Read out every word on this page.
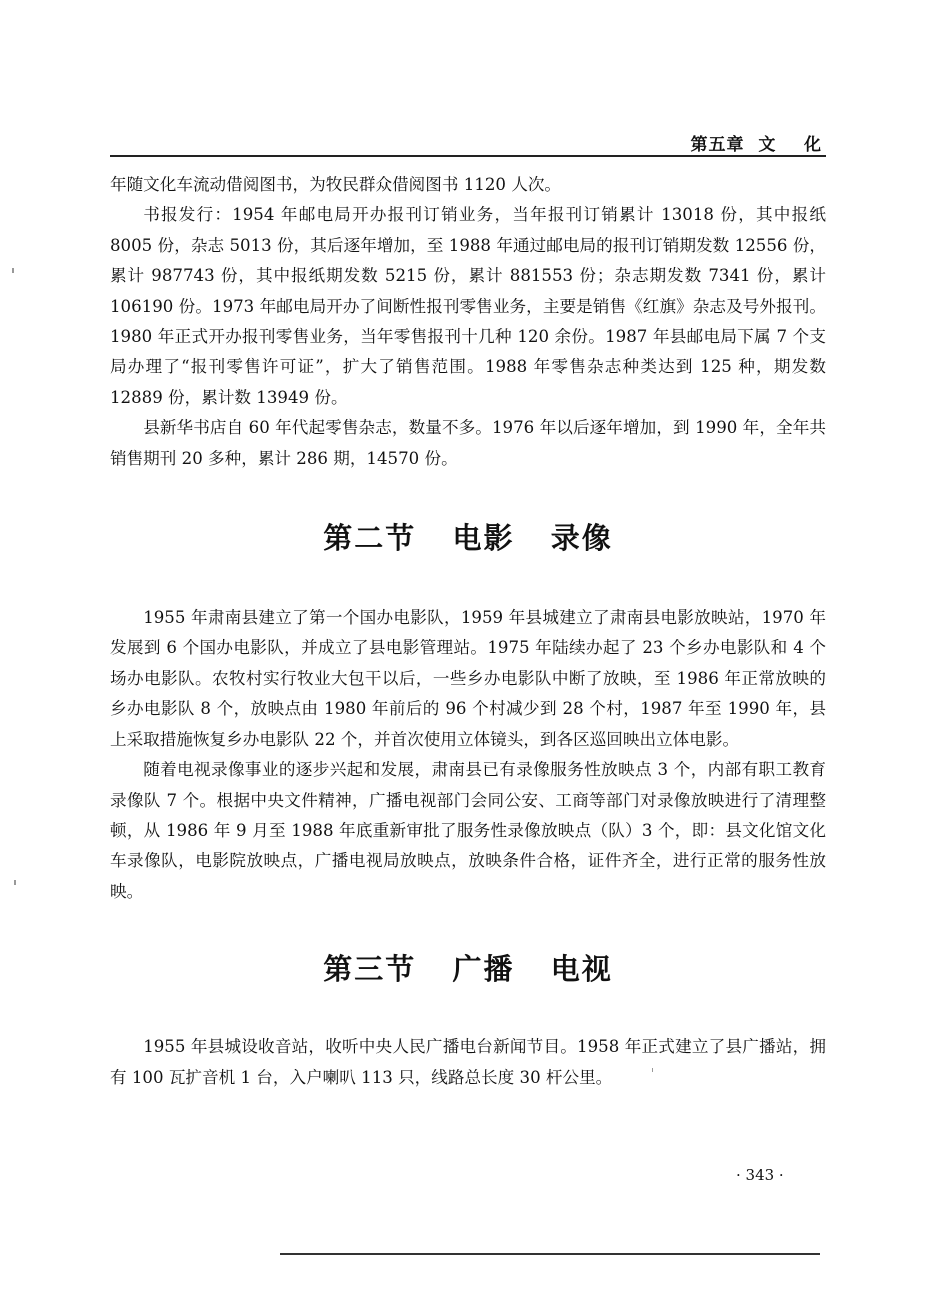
第五章  文    化

年随文化车流动借阅图书，为牧民群众借阅图书 1120 人次。

书报发行：1954 年邮电局开办报刊订销业务，当年报刊订销累计 13018 份，其中报纸 8005 份，杂志 5013 份，其后逐年增加，至 1988 年通过邮电局的报刊订销期发数 12556 份，累计 987743 份，其中报纸期发数 5215 份，累计 881553 份；杂志期发数 7341 份，累计 106190 份。1973 年邮电局开办了间断性报刊零售业务，主要是销售《红旗》杂志及号外报刊。1980 年正式开办报刊零售业务，当年零售报刊十几种 120 余份。1987 年县邮电局下属 7 个支局办理了“报刊零售许可证”，扩大了销售范围。1988 年零售杂志种类达到 125 种，期发数 12889 份，累计数 13949 份。

县新华书店自 60 年代起零售杂志，数量不多。1976 年以后逐年增加，到 1990 年，全年共销售期刊 20 多种，累计 286 期，14570 份。

第二节   电影   录像

1955 年肃南县建立了第一个国办电影队，1959 年县城建立了肃南县电影放映站，1970 年发展到 6 个国办电影队，并成立了县电影管理站。1975 年陆续办起了 23 个乡办电影队和 4 个场办电影队。农牧村实行牧业大包干以后，一些乡办电影队中断了放映，至 1986 年正常放映的乡办电影队 8 个，放映点由 1980 年前后的 96 个村减少到 28 个村，1987 年至 1990 年，县上采取措施恢复乡办电影队 22 个，并首次使用立体镜头，到各区巡回映出立体电影。

随着电视录像事业的逐步兴起和发展，肃南县已有录像服务性放映点 3 个，内部有职工教育录像队 7 个。根据中央文件精神，广播电视部门会同公安、工商等部门对录像放映进行了清理整顿，从 1986 年 9 月至 1988 年底重新审批了服务性录像放映点（队）3 个，即：县文化馆文化车录像队，电影院放映点，广播电视局放映点，放映条件合格，证件齐全，进行正常的服务性放映。

第三节   广播   电视

1955 年县城设收音站，收听中央人民广播电台新闻节目。1958 年正式建立了县广播站，拥有 100 瓦扩音机 1 台，入户喇叭 113 只，线路总长度 30 杆公里。

· 343 ·
